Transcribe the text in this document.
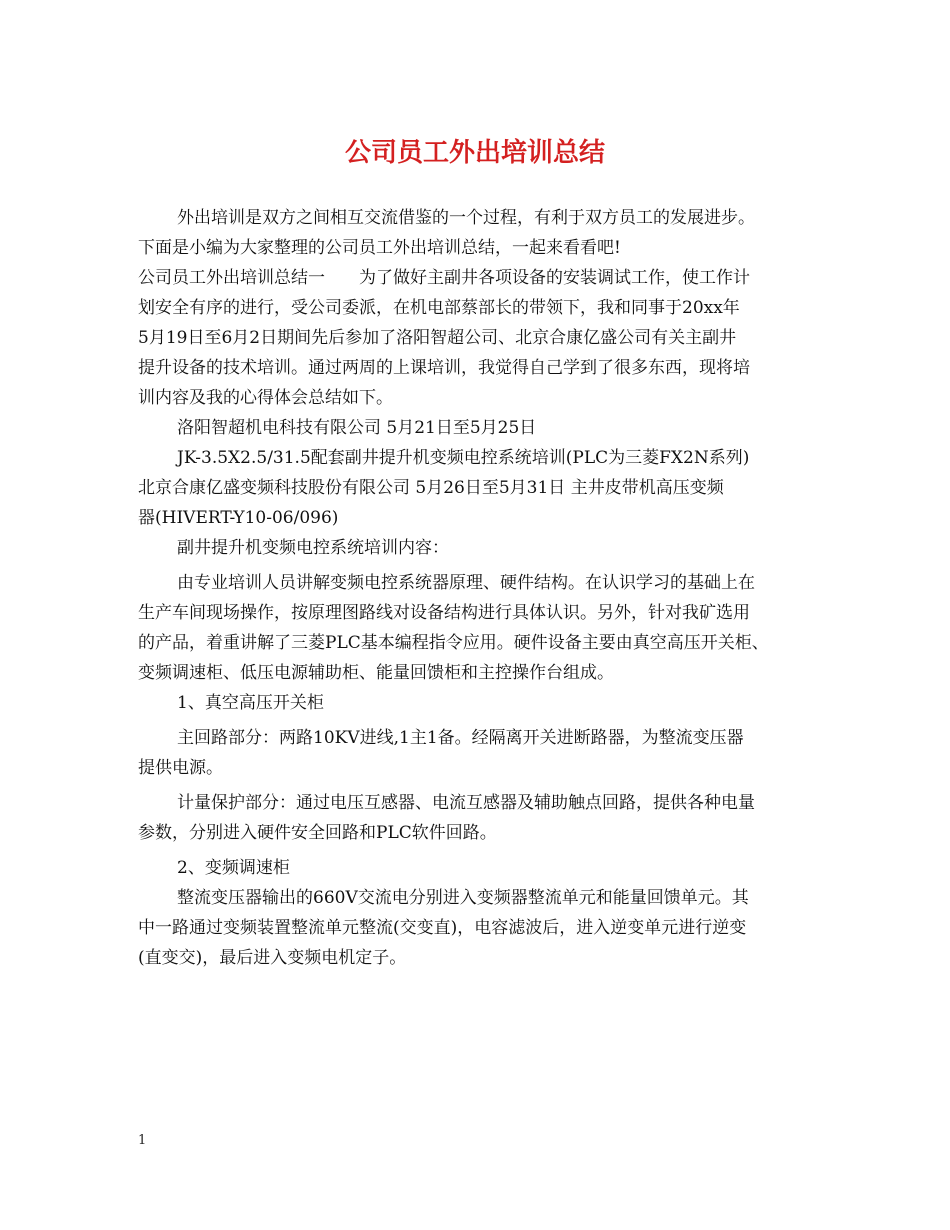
公司员工外出培训总结

外出培训是双方之间相互交流借鉴的一个过程，有利于双方员工的发展进步。

下面是小编为大家整理的公司员工外出培训总结，一起来看看吧!

公司员工外出培训总结一　　为了做好主副井各项设备的安装调试工作，使工作计

划安全有序的进行，受公司委派，在机电部蔡部长的带领下，我和同事于20xx年

5月19日至6月2日期间先后参加了洛阳智超公司、北京合康亿盛公司有关主副井

提升设备的技术培训。通过两周的上课培训，我觉得自己学到了很多东西，现将培

训内容及我的心得体会总结如下。

洛阳智超机电科技有限公司 5月21日至5月25日

JK-3.5X2.5/31.5配套副井提升机变频电控系统培训(PLC为三菱FX2N系列)

北京合康亿盛变频科技股份有限公司 5月26日至5月31日 主井皮带机高压变频

器(HIVERT-Y10-06/096)

副井提升机变频电控系统培训内容：

由专业培训人员讲解变频电控系统器原理、硬件结构。在认识学习的基础上在

生产车间现场操作，按原理图路线对设备结构进行具体认识。另外，针对我矿选用

的产品，着重讲解了三菱PLC基本编程指令应用。硬件设备主要由真空高压开关柜、

变频调速柜、低压电源辅助柜、能量回馈柜和主控操作台组成。

1、真空高压开关柜

主回路部分：两路10KV进线,1主1备。经隔离开关进断路器，为整流变压器

提供电源。

计量保护部分：通过电压互感器、电流互感器及辅助触点回路，提供各种电量

参数，分别进入硬件安全回路和PLC软件回路。

2、变频调速柜

整流变压器输出的660V交流电分别进入变频器整流单元和能量回馈单元。其

中一路通过变频装置整流单元整流(交变直)，电容滤波后，进入逆变单元进行逆变

(直变交)，最后进入变频电机定子。

1
